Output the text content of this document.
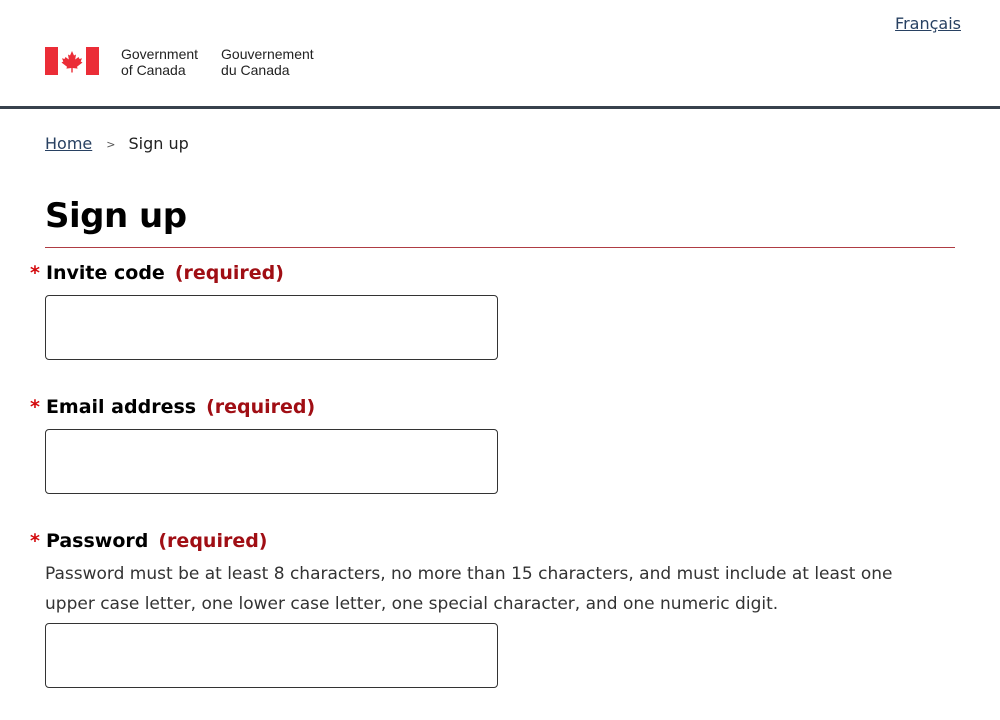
Français
Government
of Canada
Gouvernement
du Canada
Home > Sign up
Sign up
* Invite code (required)
* Email address (required)
* Password (required)

Password must be at least 8 characters, no more than 15 characters, and must include at least one upper case letter, one lower case letter, one special character, and one numeric digit.
